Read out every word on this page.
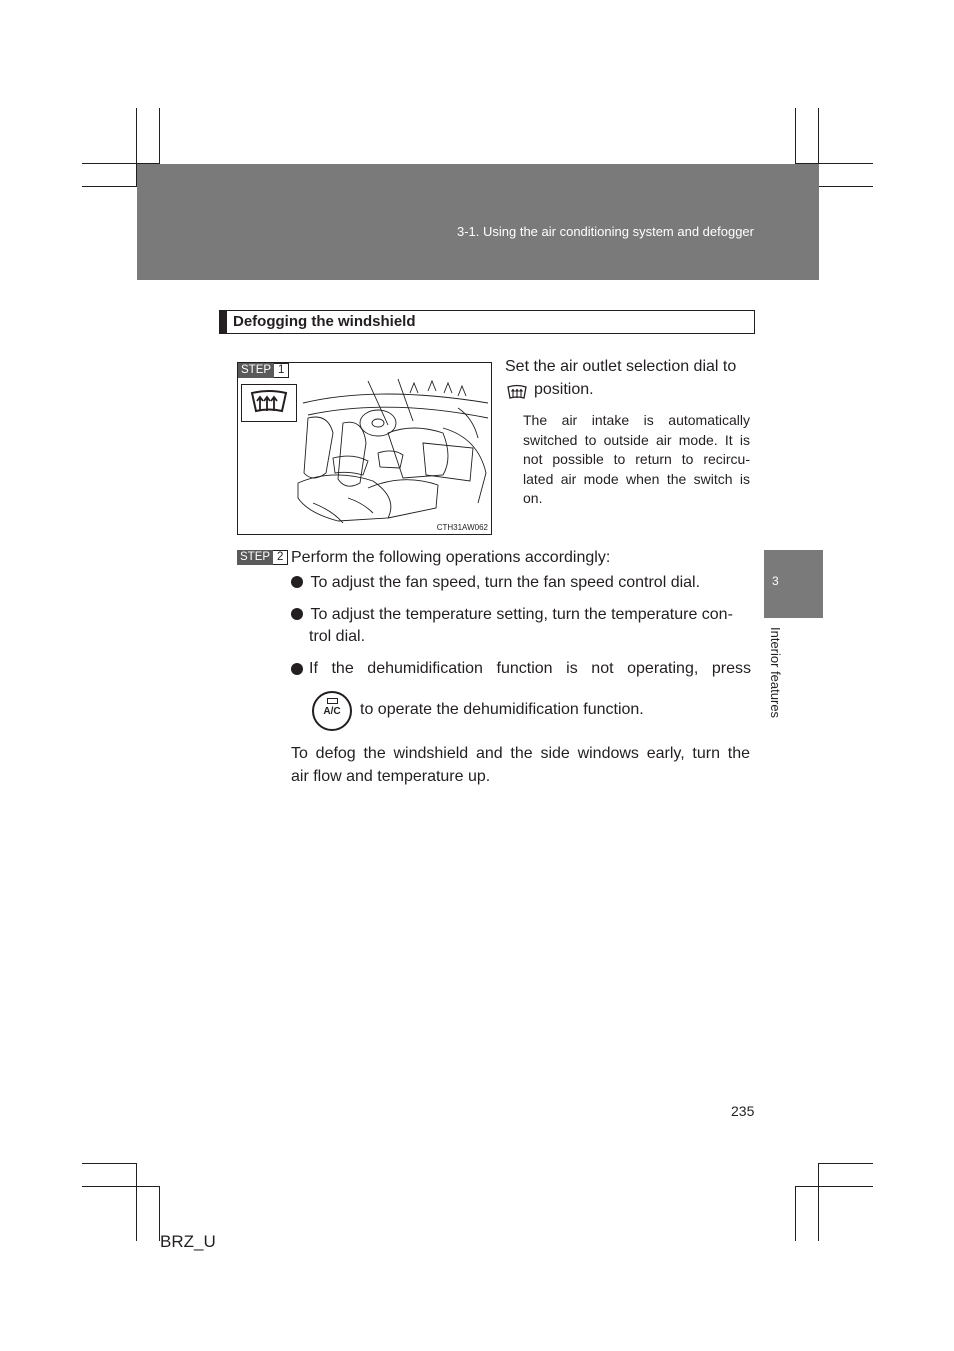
3-1. Using the air conditioning system and defogger
Defogging the windshield
STEP 1
CTH31AW062
Set the air outlet selection dial to
position.
The air intake is automatically
switched to outside air mode. It is
not possible to return to recircu-
lated air mode when the switch is
on.
STEP 2 Perform the following operations accordingly:
To adjust the fan speed, turn the fan speed control dial.
To adjust the temperature setting, turn the temperature con-
trol dial.
If the dehumidification function is not operating, press
A/C	to operate the dehumidification function.
To defog the windshield and the side windows early, turn the
air flow and temperature up.
3
Interior features
235
BRZ_U
